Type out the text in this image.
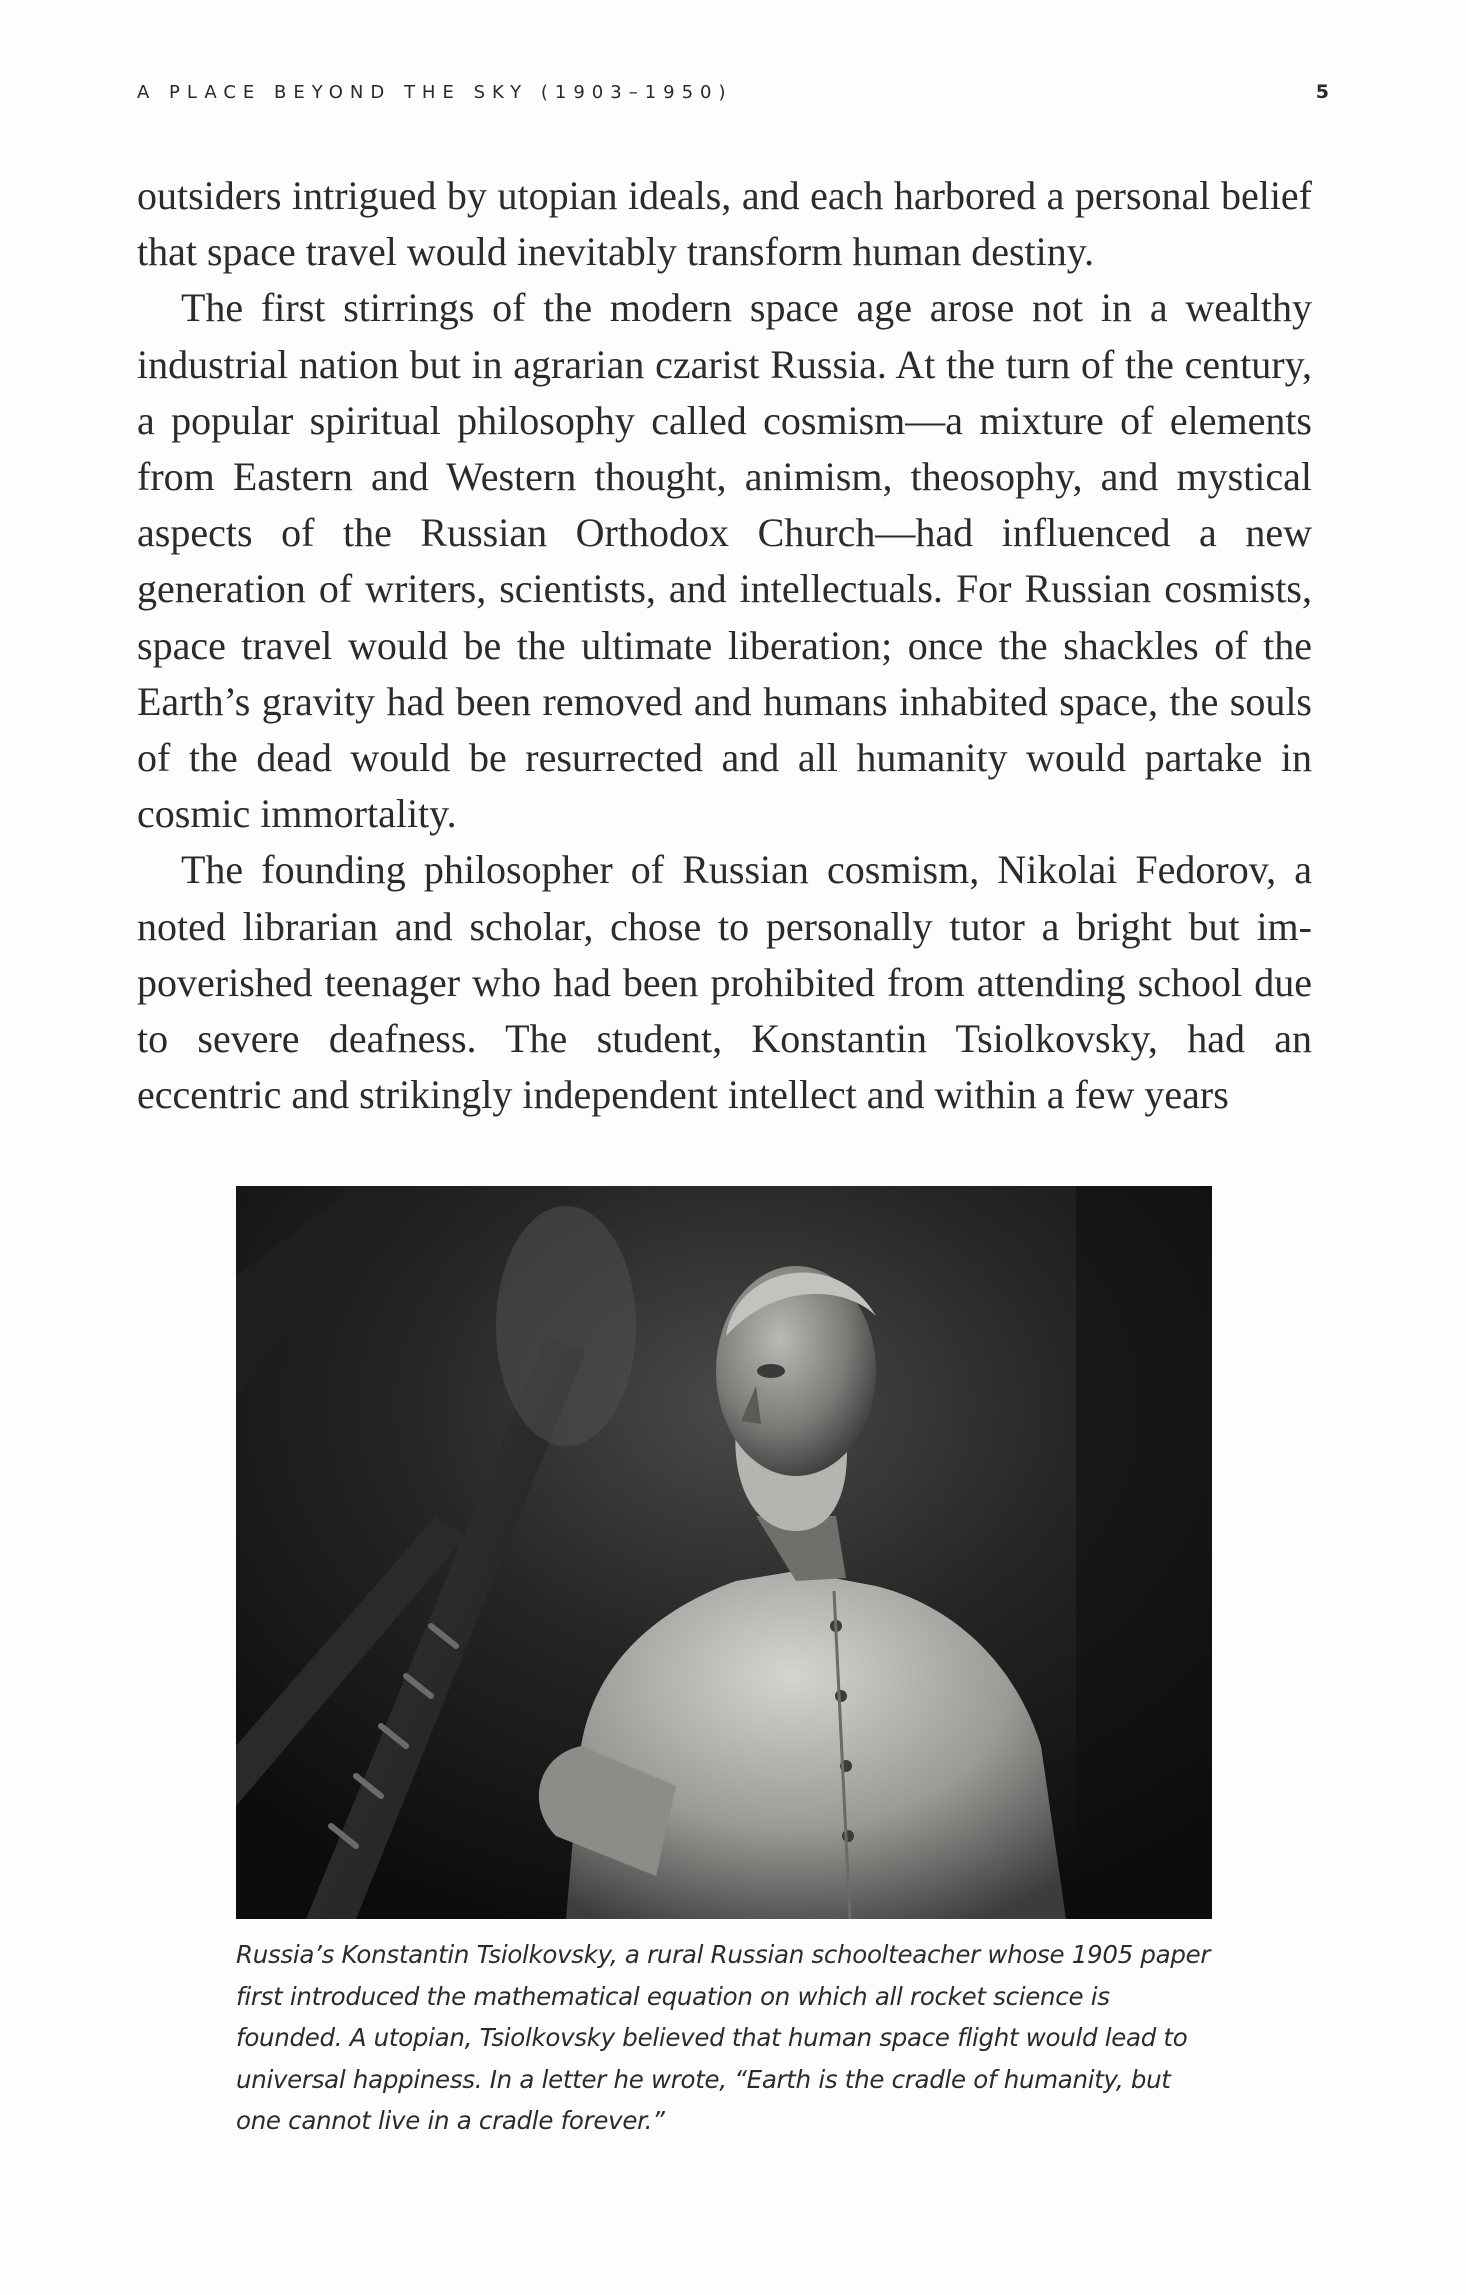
A PLACE BEYOND THE SKY (1903–1950)	5

outsiders intrigued by utopian ideals, and each harbored a personal belief that space travel would inevitably transform human destiny.

The first stirrings of the modern space age arose not in a wealthy industrial nation but in agrarian czarist Russia. At the turn of the century, a popular spiritual philosophy called cosmism—a mixture of elements from Eastern and Western thought, animism, theosophy, and mystical aspects of the Russian Orthodox Church—had influenced a new generation of writers, scientists, and intellectuals. For Russian cosmists, space travel would be the ultimate liberation; once the shackles of the Earth’s gravity had been removed and humans inhabited space, the souls of the dead would be resurrected and all humanity would partake in cosmic immortality.

The founding philosopher of Russian cosmism, Nikolai Fedorov, a noted librarian and scholar, chose to personally tutor a bright but impoverished teenager who had been prohibited from attending school due to severe deafness. The student, Konstantin Tsiolkovsky, had an eccentric and strikingly independent intellect and within a few years

Russia’s Konstantin Tsiolkovsky, a rural Russian schoolteacher whose 1905 paper first introduced the mathematical equation on which all rocket science is founded. A utopian, Tsiolkovsky believed that human space flight would lead to universal happiness. In a letter he wrote, “Earth is the cradle of humanity, but one cannot live in a cradle forever.”
